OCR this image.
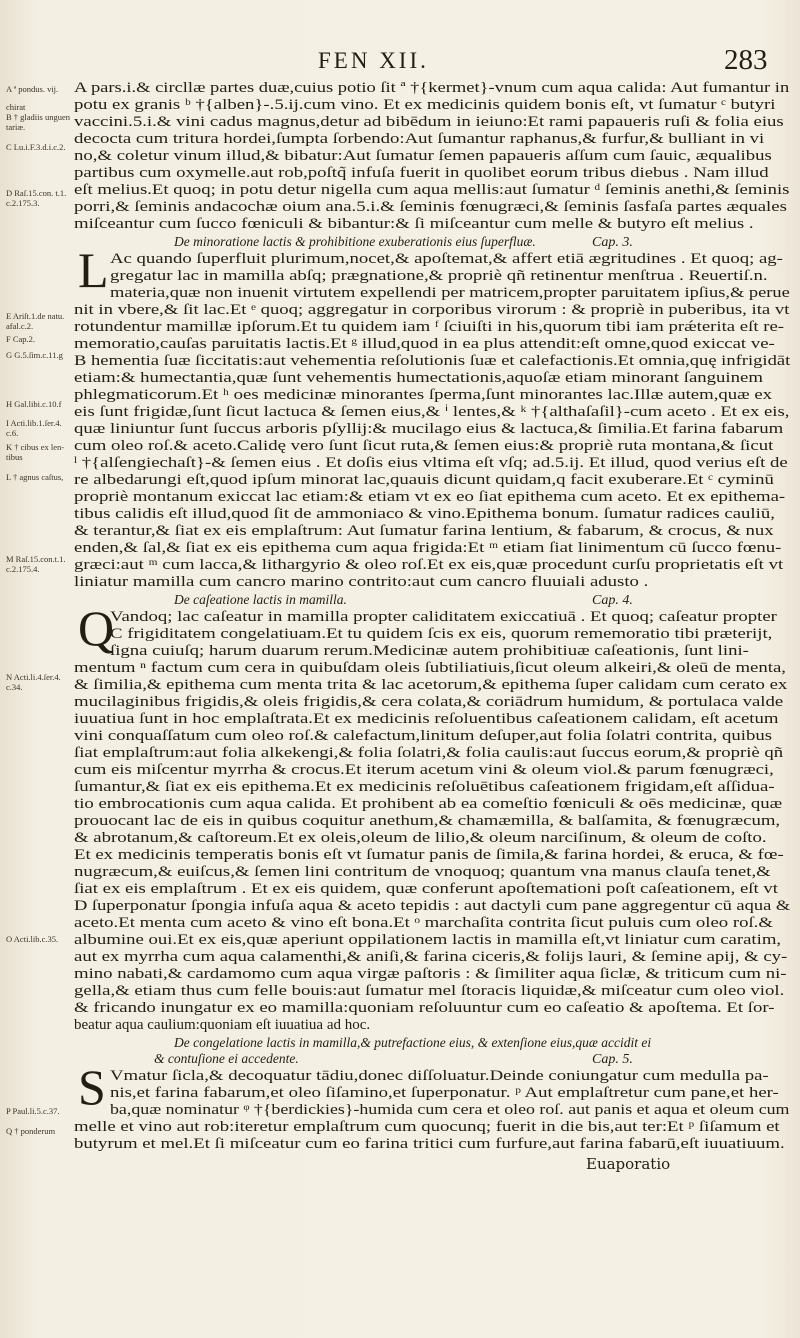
FEN XII.	283
A ª pondus. vij.
chirat
B † gladiis unguen
tariæ.
C Lu.i.F.3.d.i.c.2.
D Raſ.15.con. t.1.
c.2.175.3.
E Ariſt.1.de natu.
afal.c.2.
F Cap.2.
G G.5.ſim.c.11.g
H Gal.libi.c.10.f
I Acti.lib.1.ſer.4.
c.6.
K † cibus ex len-
tibus
L † agnus caſtus,
M Raſ.15.con.t.1.
c.2.175.4.
N Acti.li.4.ſer.4.
c.34.
O Acti.lib.c.35.
P Paul.li.5.c.37.
Q † ponderum
A pars.i.& circllæ partes duæ,cuius potio ſit ª †{kermet}-vnum cum aqua calida: Aut fumantur in
potu ex granis ᵇ †{alben}-.5.ij.cum vino. Et ex medicinis quidem bonis eſt, vt ſumatur ᶜ butyri
vaccini.5.i.& vini cadus magnus,detur ad bibēdum in ieiuno:Et rami papaueris ruſi & folia eius
decocta cum tritura hordei,ſumpta ſorbendo:Aut ſumantur raphanus,& furfur,& bulliant in vi
no,& coletur vinum illud,& bibatur:Aut ſumatur ſemen papaueris aſſum cum ſauic, æqualibus
partibus cum oxymelle.aut rob,poſtq̃ infuſa fuerit in quolibet eorum tribus diebus . Nam illud
eſt melius.Et quoq; in potu detur nigella cum aqua mellis:aut ſumatur ᵈ ſeminis anethi,& ſeminis
porri,& ſeminis andacochæ oium ana.5.i.& ſeminis fœnugræci,& ſeminis ſasfaſa partes æquales
miſceantur cum ſucco fœniculi & bibantur:& ſi miſceantur cum melle & butyro eſt melius .
De minoratione lactis & prohibitione exuberationis eius ſuperfluæ.	Cap. 3.
L Ac quando ſuperfluit plurimum,nocet,& apoſtemat,& affert etiā ægritudines . Et quoq; ag-
gregatur lac in mamilla abſq; prægnatione,& propriè qñ retinentur menſtrua . Reuertiſ.n.
materia,quæ non inuenit virtutem expellendi per matricem,propter paruitatem ipſius,& perue
nit in vbere,& ſit lac.Et ᵉ quoq; aggregatur in corporibus virorum : & propriè in puberibus, ita vt
rotundentur mamillæ ipſorum.Et tu quidem iam ᶠ ſciuiſti in his,quorum tibi iam prǽterita eſt re-
memoratio,cauſas paruitatis lactis.Et ᵍ illud,quod in ea plus attendit:eſt omne,quod exiccat ve-
B hementia ſuæ ſiccitatis:aut vehementia reſolutionis ſuæ et calefactionis.Et omnia,quę infrigidāt
etiam:& humectantia,quæ ſunt vehementis humectationis,aquoſæ etiam minorant ſanguinem
phlegmaticorum.Et ʰ oes medicinæ minorantes ſperma,ſunt minorantes lac.Illæ autem,quæ ex
eis ſunt frigidæ,ſunt ſicut lactuca & ſemen eius,& ⁱ lentes,& ᵏ †{althaſaſil}-cum aceto . Et ex eis,
quæ liniuntur ſunt ſuccus arboris pſyllij:& mucilago eius & lactuca,& ſimilia.Et farina fabarum
cum oleo roſ.& aceto.Calidę vero ſunt ſicut ruta,& ſemen eius:& propriè ruta montana,& ſicut
ˡ †{alſengiechaſt}-& ſemen eius . Et doſis eius vltima eſt vſq; ad.5.ij. Et illud, quod verius eſt de
re albedarungi eſt,quod ipſum minorat lac,quauis dicunt quidam,q facit exuberare.Et ᶜ cyminū
propriè montanum exiccat lac etiam:& etiam vt ex eo ſiat epithema cum aceto. Et ex epithema-
tibus calidis eſt illud,quod ſit de ammoniaco & vino.Epithema bonum. ſumatur radices cauliū,
& terantur,& ſiat ex eis emplaſtrum: Aut ſumatur farina lentium, & fabarum, & crocus, & nux
enden,& ſal,& ſiat ex eis epithema cum aqua frigida:Et ᵐ etiam ſiat linimentum cū ſucco fœnu-
græci:aut ᵐ cum lacca,& lithargyrio & oleo roſ.Et ex eis,quæ procedunt curſu proprietatis eſt vt
liniatur mamilla cum cancro marino contrito:aut cum cancro fluuiali adusto .
De caſeatione lactis in mamilla.	Cap. 4.
Q
Vandoq; lac caſeatur in mamilla propter caliditatem exiccatiuā . Et quoq; caſeatur propter
C frigiditatem congelatiuam.Et tu quidem ſcis ex eis, quorum rememoratio tibi præterijt,
ſigna cuiuſq; harum duarum rerum.Medicinæ autem prohibitiuæ caſeationis, ſunt lini-
mentum ⁿ factum cum cera in quibuſdam oleis ſubtiliatiuis,ſicut oleum alkeiri,& oleū de menta,
& ſimilia,& epithema cum menta trita & lac acetorum,& epithema ſuper calidam cum cerato ex
mucilaginibus frigidis,& oleis frigidis,& cera colata,& coriādrum humidum, & portulaca valde
iuuatiua ſunt in hoc emplaſtrata.Et ex medicinis reſoluentibus caſeationem calidam, eſt acetum
vini conquaſſatum cum oleo roſ.& calefactum,linitum deſuper,aut folia ſolatri contrita, quibus
ſiat emplaſtrum:aut folia alkekengi,& folia ſolatri,& folia caulis:aut ſuccus eorum,& propriè qñ
cum eis miſcentur myrrha & crocus.Et iterum acetum vini & oleum viol.& parum fœnugræci,
ſumantur,& ſiat ex eis epithema.Et ex medicinis reſoluētibus caſeationem frigidam,eſt aſſidua-
tio embrocationis cum aqua calida. Et prohibent ab ea comeſtio fœniculi & oēs medicinæ, quæ
prouocant lac de eis in quibus coquitur anethum,& chamæmilla, & balſamita, & fœnugræcum,
& abrotanum,& caſtoreum.Et ex oleis,oleum de lilio,& oleum narciſinum, & oleum de coſto.
Et ex medicinis temperatis bonis eſt vt ſumatur panis de ſimila,& farina hordei, & eruca, & fœ-
nugræcum,& euiſcus,& ſemen lini contritum de vnoquoq; quantum vna manus clauſa tenet,&
ſiat ex eis emplaſtrum . Et ex eis quidem, quæ conferunt apoſtemationi poſt caſeationem, eſt vt
D ſuperponatur ſpongia infuſa aqua & aceto tepidis : aut dactyli cum pane aggregentur cū aqua &
aceto.Et menta cum aceto & vino eſt bona.Et ᵒ marchaſita contrita ſicut puluis cum oleo roſ.&
albumine oui.Et ex eis,quæ aperiunt oppilationem lactis in mamilla eſt,vt liniatur cum caratim,
aut ex myrrha cum aqua calamenthi,& aniſi,& farina ciceris,& folijs lauri, & ſemine apij, & cy-
mino nabati,& cardamomo cum aqua virgæ paſtoris : & ſimiliter aqua ſiclæ, & triticum cum ni-
gella,& etiam thus cum felle bouis:aut ſumatur mel ſtoracis liquidæ,& miſceatur cum oleo viol.
& fricando inungatur ex eo mamilla:quoniam reſoluuntur cum eo caſeatio & apoſtema. Et ſor-
beatur aqua caulium:quoniam eſt iuuatiua ad hoc.
De congelatione lactis in mamilla,& putrefactione eius, & extenſione eius,quæ accidit ei
& contuſione ei accedente.	Cap. 5.
S Vmatur ſicla,& decoquatur tādiu,donec diſſoluatur.Deinde coniungatur cum medulla pa-
nis,et farina fabarum,et oleo ſiſamino,et ſuperponatur. ᵖ Aut emplaſtretur cum pane,et her-
ba,quæ nominatur ᵠ †{berdickies}-humida cum cera et oleo roſ. aut panis et aqua et oleum cum
melle et vino aut rob:iteretur emplaſtrum cum quocunq; fuerit in die bis,aut ter:Et ᵖ ſiſamum et
butyrum et mel.Et ſi miſceatur cum eo farina tritici cum furfure,aut farina fabarū,eſt iuuatiuum.
Euaporatio
